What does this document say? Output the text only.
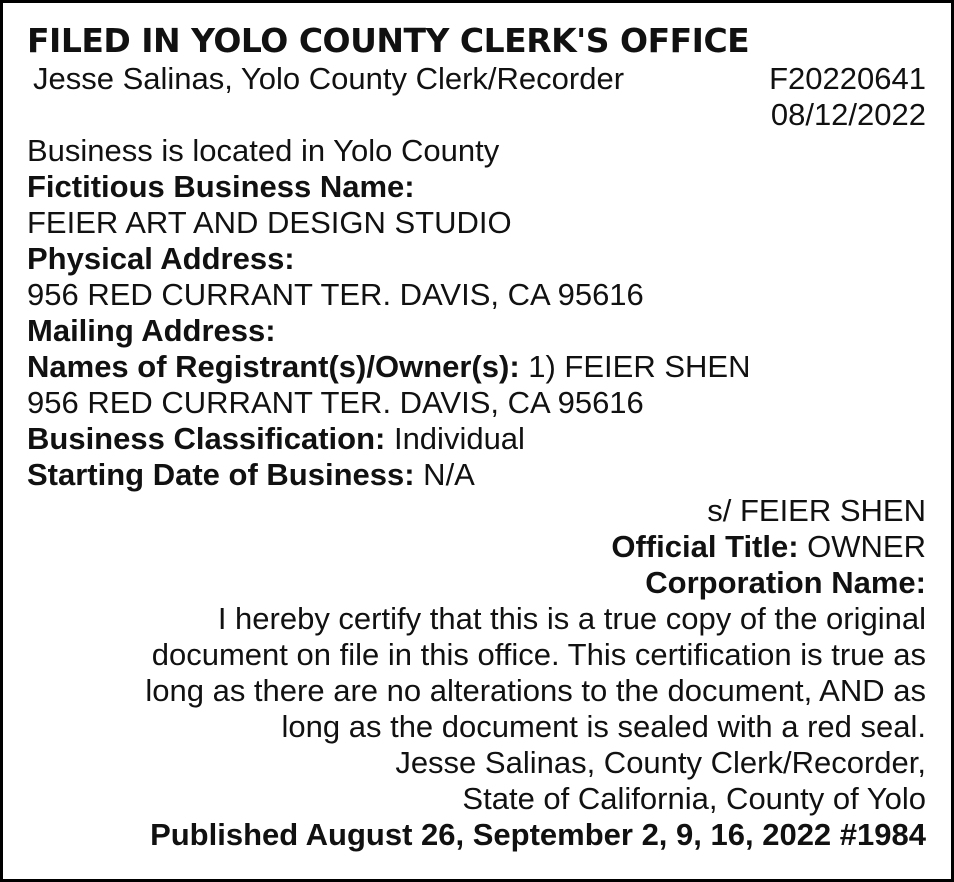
FILED IN YOLO COUNTY CLERK'S OFFICE
Jesse Salinas, Yolo County Clerk/Recorder	F20220641
08/12/2022
Business is located in Yolo County
Fictitious Business Name:
FEIER ART AND DESIGN STUDIO
Physical Address:
956 RED CURRANT TER. DAVIS, CA 95616
Mailing Address:
Names of Registrant(s)/Owner(s): 1) FEIER SHEN
956 RED CURRANT TER. DAVIS, CA 95616
Business Classification: Individual
Starting Date of Business: N/A
s/ FEIER SHEN
Official Title: OWNER
Corporation Name:
I hereby certify that this is a true copy of the original
document on file in this office. This certification is true as
long as there are no alterations to the document, AND as
long as the document is sealed with a red seal.
Jesse Salinas, County Clerk/Recorder,
State of California, County of Yolo
Published August 26, September 2, 9, 16, 2022 #1984
